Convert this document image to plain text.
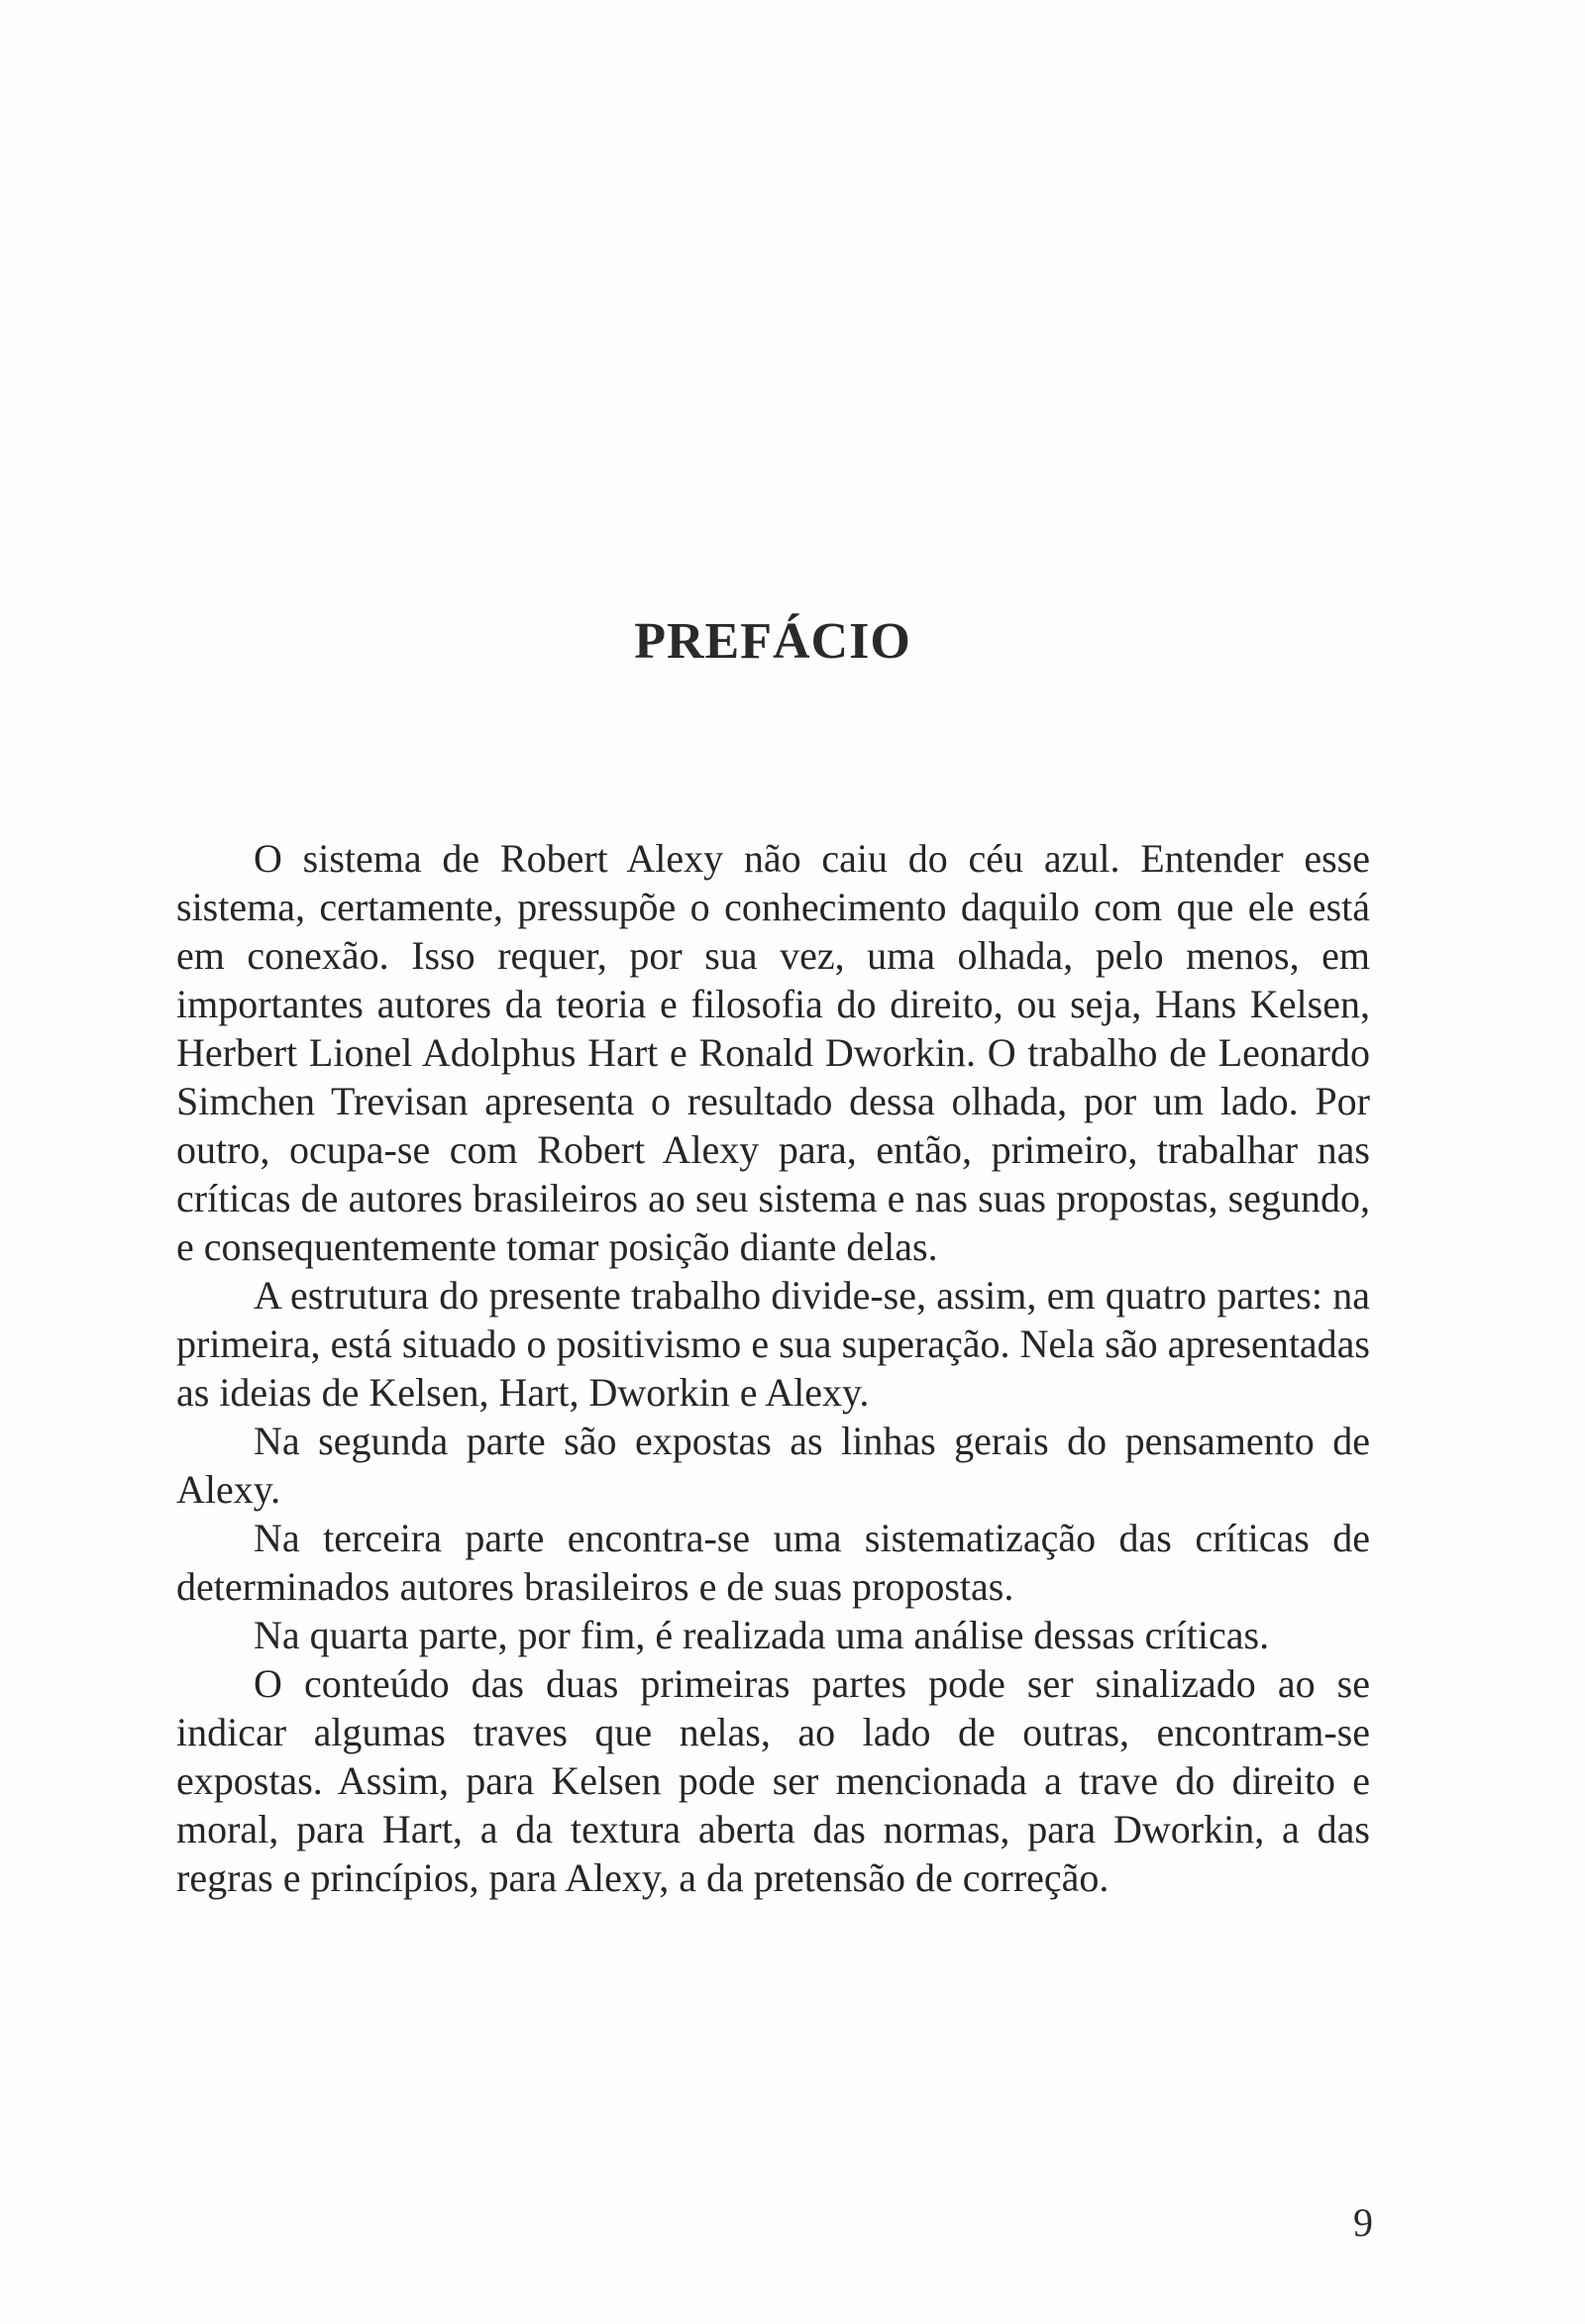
PREFÁCIO

O sistema de Robert Alexy não caiu do céu azul. Entender esse sistema, certamente, pressupõe o conhecimento daquilo com que ele está em conexão. Isso requer, por sua vez, uma olhada, pelo menos, em importantes autores da teoria e filosofia do direito, ou seja, Hans Kelsen, Herbert Lionel Adolphus Hart e Ronald Dworkin. O trabalho de Leonardo Simchen Trevisan apresenta o resultado dessa olhada, por um lado. Por outro, ocupa-se com Robert Alexy para, então, primeiro, trabalhar nas críticas de autores brasileiros ao seu sistema e nas suas propostas, segundo, e consequentemente tomar posição diante delas.

A estrutura do presente trabalho divide-se, assim, em quatro partes: na primeira, está situado o positivismo e sua superação. Nela são apresentadas as ideias de Kelsen, Hart, Dworkin e Alexy.

Na segunda parte são expostas as linhas gerais do pensamento de Alexy.

Na terceira parte encontra-se uma sistematização das críticas de determinados autores brasileiros e de suas propostas.

Na quarta parte, por fim, é realizada uma análise dessas críticas.

O conteúdo das duas primeiras partes pode ser sinalizado ao se indicar algumas traves que nelas, ao lado de outras, encontram-se expostas. Assim, para Kelsen pode ser mencionada a trave do direito e moral, para Hart, a da textura aberta das normas, para Dworkin, a das regras e princípios, para Alexy, a da pretensão de correção.

9
